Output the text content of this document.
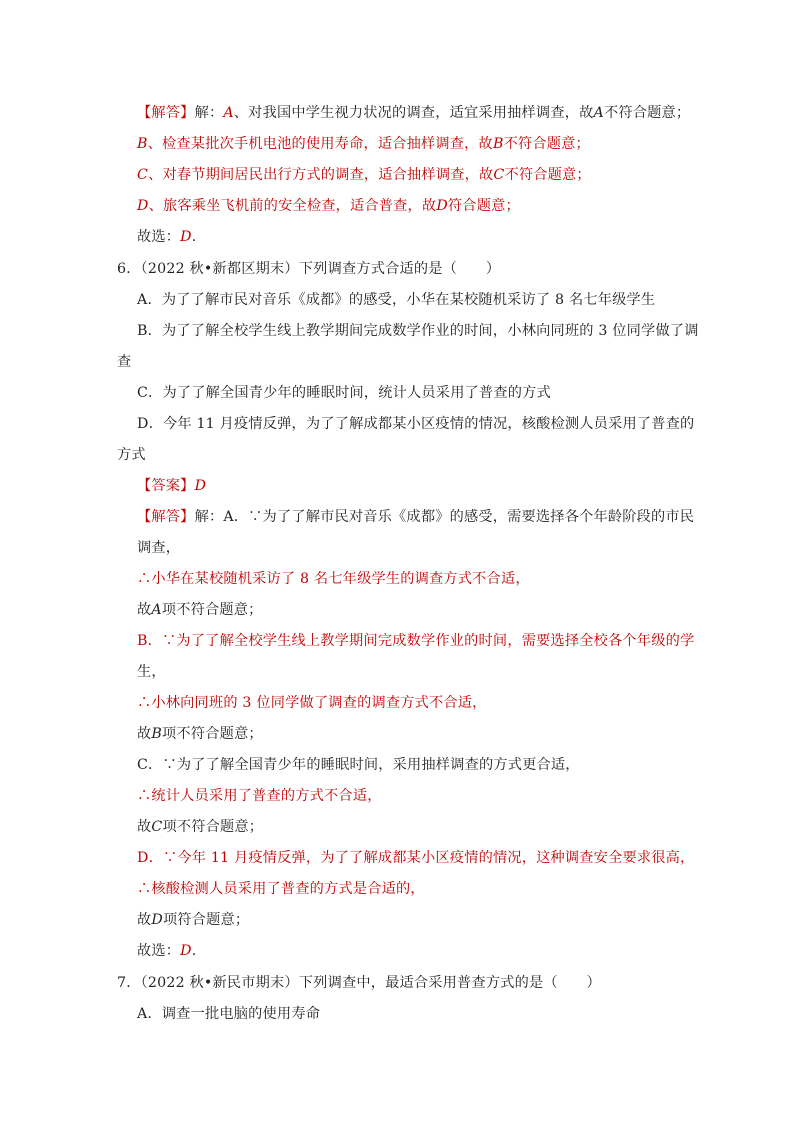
【解答】解：A、对我国中学生视力状况的调查，适宜采用抽样调查，故A不符合题意；
B、检查某批次手机电池的使用寿命，适合抽样调查，故B不符合题意；
C、对春节期间居民出行方式的调查，适合抽样调查，故C不符合题意；
D、旅客乘坐飞机前的安全检查，适合普查，故D符合题意；
故选：D.
6．（2022 秋•新都区期末）下列调查方式合适的是（　　）
A．为了了解市民对音乐《成都》的感受，小华在某校随机采访了 8 名七年级学生
B．为了了解全校学生线上教学期间完成数学作业的时间，小林向同班的 3 位同学做了调
查
C．为了了解全国青少年的睡眠时间，统计人员采用了普查的方式
D．今年 11 月疫情反弹，为了了解成都某小区疫情的情况，核酸检测人员采用了普查的
方式
【答案】D
【解答】解：A．∵为了了解市民对音乐《成都》的感受，需要选择各个年龄阶段的市民
调查，
∴小华在某校随机采访了 8 名七年级学生的调查方式不合适，
故A项不符合题意；
B．∵为了了解全校学生线上教学期间完成数学作业的时间，需要选择全校各个年级的学
生，
∴小林向同班的 3 位同学做了调查的调查方式不合适，
故B项不符合题意；
C．∵为了了解全国青少年的睡眠时间，采用抽样调查的方式更合适，
∴统计人员采用了普查的方式不合适，
故C项不符合题意；
D．∵今年 11 月疫情反弹，为了了解成都某小区疫情的情况，这种调查安全要求很高，
∴核酸检测人员采用了普查的方式是合适的，
故D项符合题意；
故选：D.
7．（2022 秋•新民市期末）下列调查中，最适合采用普查方式的是（　　）
A．调查一批电脑的使用寿命
